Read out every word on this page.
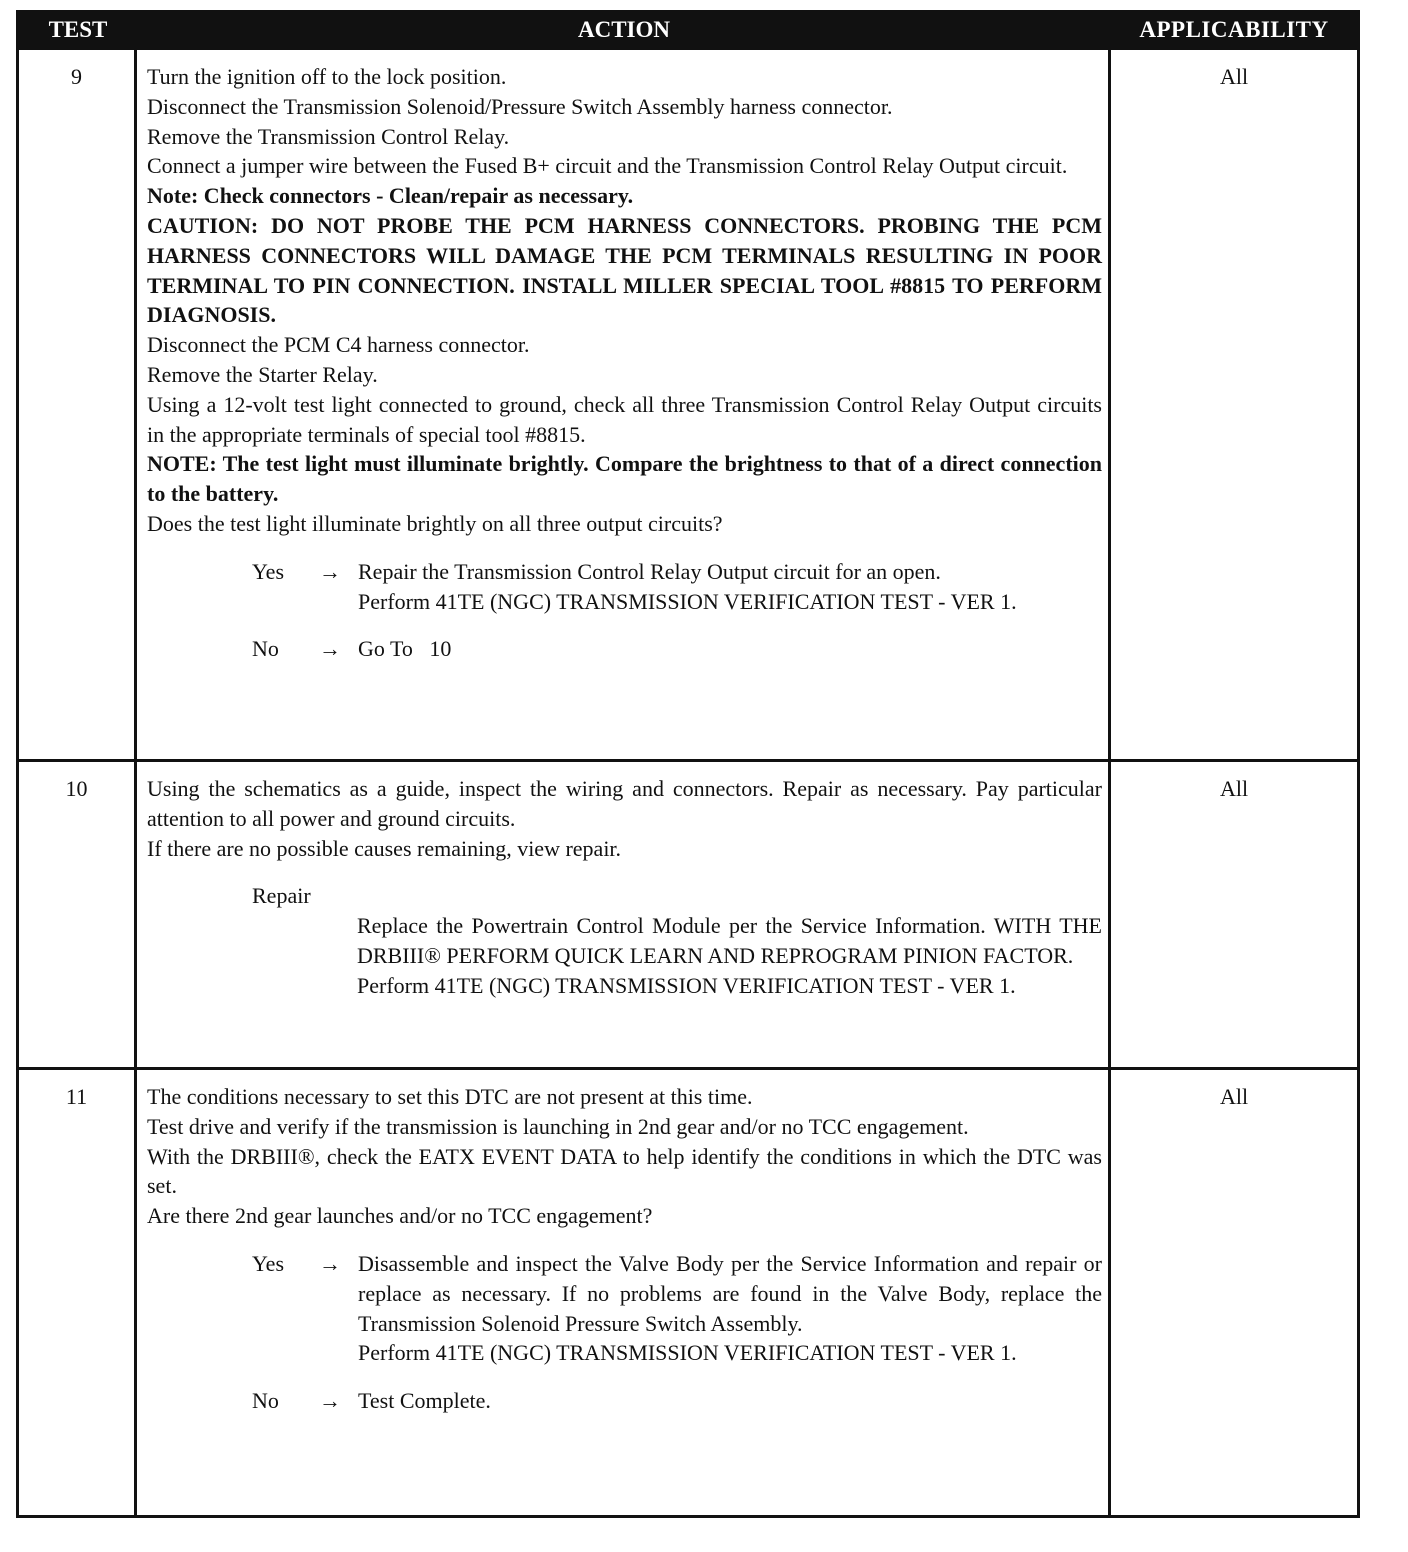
TEST	ACTION	APPLICABILITY
9	Turn the ignition off to the lock position.
Disconnect the Transmission Solenoid/Pressure Switch Assembly harness connector.
Remove the Transmission Control Relay.
Connect a jumper wire between the Fused B+ circuit and the Transmission Control Relay Output circuit.
Note: Check connectors - Clean/repair as necessary.
CAUTION: DO NOT PROBE THE PCM HARNESS CONNECTORS. PROBING THE PCM HARNESS CONNECTORS WILL DAMAGE THE PCM TERMINALS RESULTING IN POOR TERMINAL TO PIN CONNECTION. INSTALL MILLER SPECIAL TOOL #8815 TO PERFORM DIAGNOSIS.
Disconnect the PCM C4 harness connector.
Remove the Starter Relay.
Using a 12-volt test light connected to ground, check all three Transmission Control Relay Output circuits in the appropriate terminals of special tool #8815.
NOTE: The test light must illuminate brightly. Compare the brightness to that of a direct connection to the battery.
Does the test light illuminate brightly on all three output circuits?
Yes	→ Repair the Transmission Control Relay Output circuit for an open.
Perform 41TE (NGC) TRANSMISSION VERIFICATION TEST - VER 1.
No	→ Go To   10
All
10	Using the schematics as a guide, inspect the wiring and connectors. Repair as necessary. Pay particular attention to all power and ground circuits.
If there are no possible causes remaining, view repair.
Repair
Replace the Powertrain Control Module per the Service Information. WITH THE DRBIII® PERFORM QUICK LEARN AND REPROGRAM PINION FACTOR.
Perform 41TE (NGC) TRANSMISSION VERIFICATION TEST - VER 1.
All
11	The conditions necessary to set this DTC are not present at this time.
Test drive and verify if the transmission is launching in 2nd gear and/or no TCC engagement.
With the DRBIII®, check the EATX EVENT DATA to help identify the conditions in which the DTC was set.
Are there 2nd gear launches and/or no TCC engagement?
Yes	→ Disassemble and inspect the Valve Body per the Service Information and repair or replace as necessary. If no problems are found in the Valve Body, replace the Transmission Solenoid Pressure Switch Assembly.
Perform 41TE (NGC) TRANSMISSION VERIFICATION TEST - VER 1.
No	→ Test Complete.
All
